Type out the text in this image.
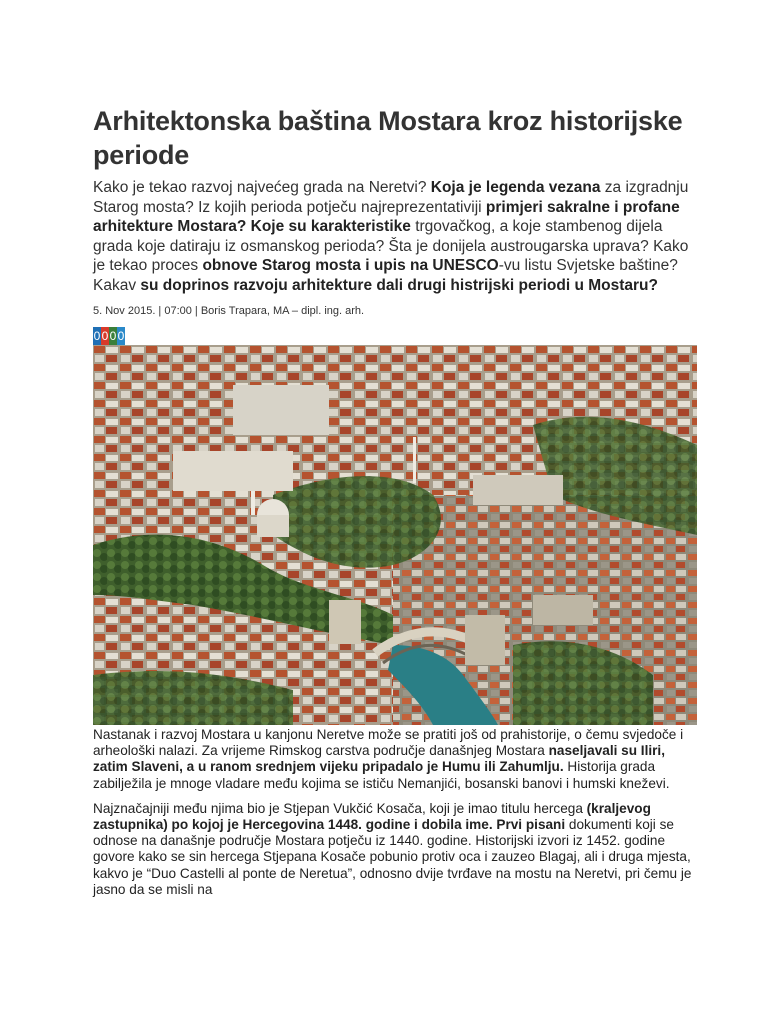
Arhitektonska baština Mostara kroz historijske periode

Kako je tekao razvoj najvećeg grada na Neretvi? Koja je legenda vezana za izgradnju Starog mosta? Iz kojih perioda potječu najreprezentativiji primjeri sakralne i profane arhitekture Mostara? Koje su karakteristike trgovačkog, a koje stambenog dijela grada koje datiraju iz osmanskog perioda? Šta je donijela austrougarska uprava? Kako je tekao proces obnove Starog mosta i upis na UNESCO-vu listu Svjetske baštine? Kakav su doprinos razvoju arhitekture dali drugi histrijski periodi u Mostaru?

5. Nov 2015. | 07:00 | Boris Trapara, MA – dipl. ing. arh.
0 0 0 0

Nastanak i razvoj Mostara u kanjonu Neretve može se pratiti još od prahistorije, o čemu svjedoče i arheološki nalazi. Za vrijeme Rimskog carstva područje današnjeg Mostara naseljavali su Iliri, zatim Slaveni, a u ranom srednjem vijeku pripadalo je Humu ili Zahumlju. Historija grada zabilježila je mnoge vladare među kojima se ističu Nemanjići, bosanski banovi i humski kneževi.

Najznačajniji među njima bio je Stjepan Vukčić Kosača, koji je imao titulu hercega (kraljevog zastupnika) po kojoj je Hercegovina 1448. godine i dobila ime. Prvi pisani dokumenti koji se odnose na današnje područje Mostara potječu iz 1440. godine. Historijski izvori iz 1452. godine govore kako se sin hercega Stjepana Kosače pobunio protiv oca i zauzeo Blagaj, ali i druga mjesta, kakvo je “Duo Castelli al ponte de Neretua”, odnosno dvije tvrđave na mostu na Neretvi, pri čemu je jasno da se misli na
